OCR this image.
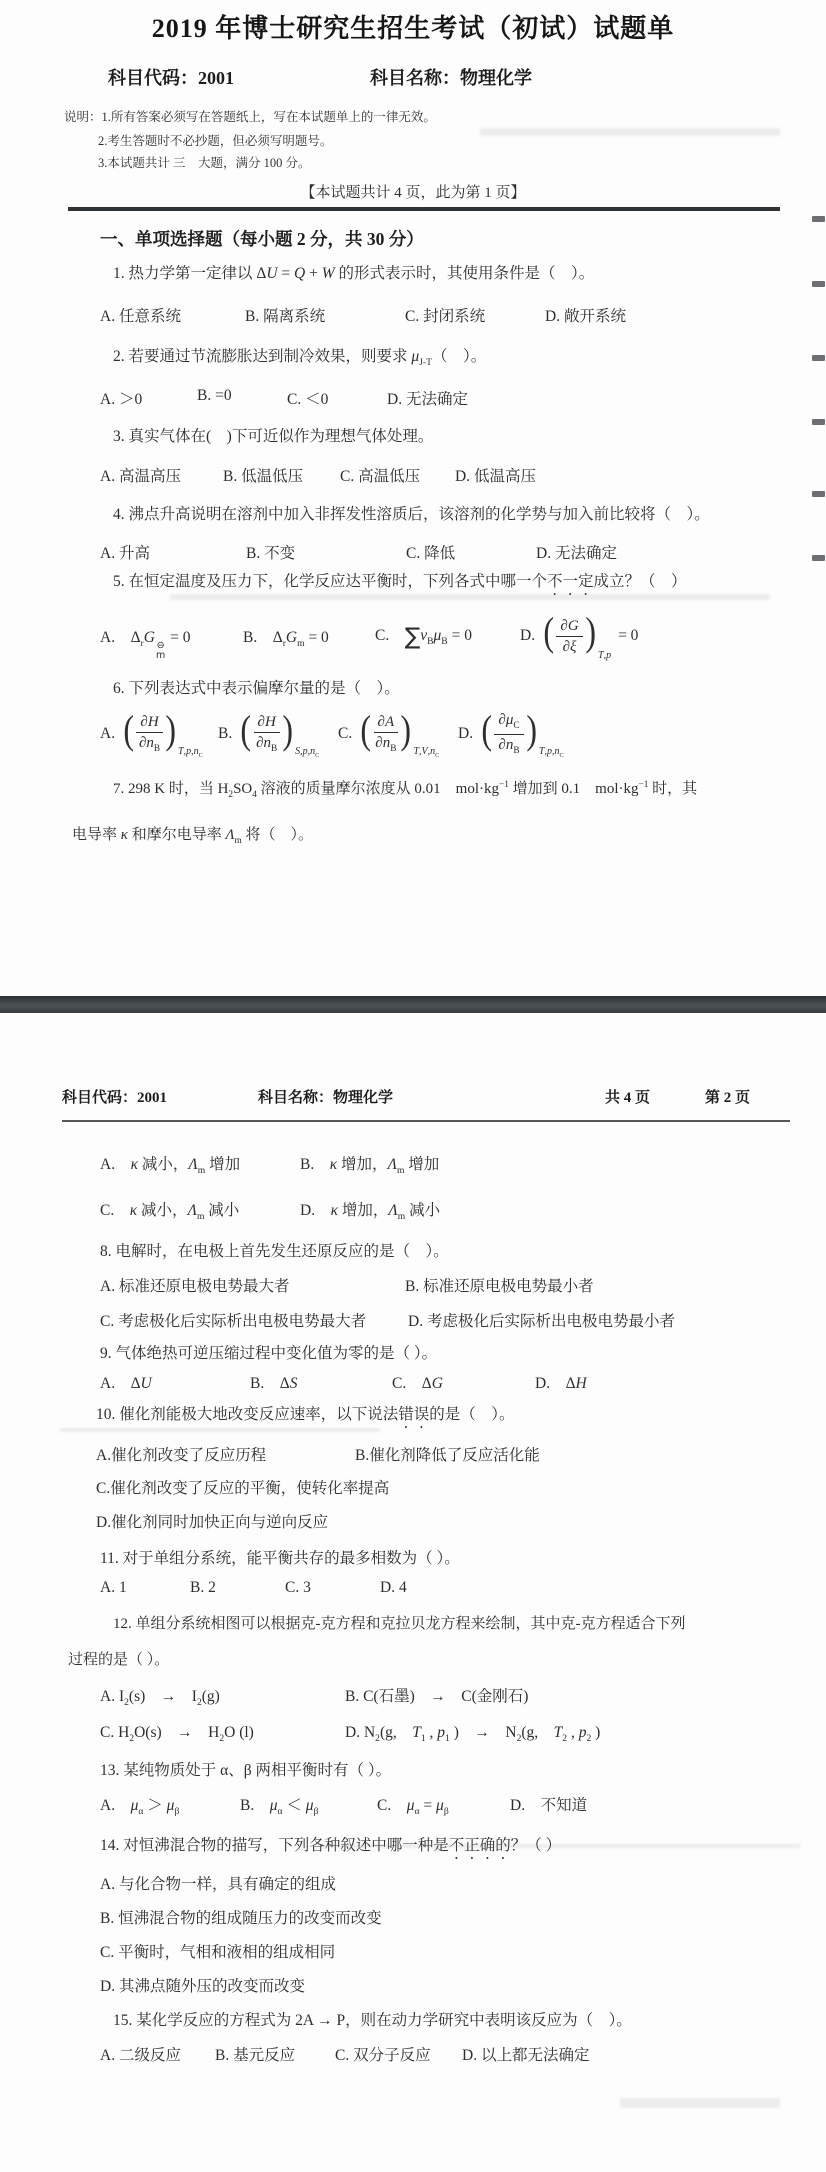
2019 年博士研究生招生考试（初试）试题单
科目代码：2001	科目名称：物理化学
说明：1.所有答案必须写在答题纸上，写在本试题单上的一律无效。
2.考生答题时不必抄题，但必须写明题号。
3.本试题共计 三　大题，满分 100 分。
【本试题共计 4 页，此为第 1 页】
一、单项选择题（每小题 2 分，共 30 分）
1. 热力学第一定律以 ΔU = Q + W 的形式表示时，其使用条件是（　）。
A. 任意系统	B. 隔离系统	C. 封闭系统	D. 敞开系统
2. 若要通过节流膨胀达到制冷效果，则要求 $\mu_{J-T}$（　）。
A. ＞0	B. =0	C. ＜0	D. 无法确定
3. 真实气体在(　)下可近似作为理想气体处理。
A. 高温高压	B. 低温低压 C. 高温低压 D. 低温高压
4. 沸点升高说明在溶剂中加入非挥发性溶质后，该溶剂的化学势与加入前比较将（　）。
A. 升高	B. 不变	C. 降低	D. 无法确定
5. 在恒定温度及压力下，化学反应达平衡时，下列各式中哪一个不一定成立？（　）
A.　$\Delta_rG$ ⊖
m
= 0	B.　$\Delta_rG_m = 0$	C.　$\sum\nu_B\mu_B = 0$	D.
( $\frac{\partial G}{\partial\xi}$
) T,p
= 0
6. 下列表达式中表示偏摩尔量的是（　）。
A.
( $\frac{\partial H}{\partial n_B}$
) $T,p,n_C$
B.
( $\frac{\partial H}{\partial n_B}$
) $S,p,n_C$
C.
( $\frac{\partial A}{\partial n_B}$
) $T,V,n_C$
D.
( $\frac{\partial\mu_C}{\partial n_B}$
) $T,p,n_C$
7. 298 K 时，当 $H_2SO_4$ 溶液的质量摩尔浓度从 0.01　$mol\cdot kg^{-1}$ 增加到 0.1　$mol\cdot kg^{-1}$ 时，其
电导率 κ 和摩尔电导率 $\Lambda_m$ 将（　）。
科目代码：2001	科目名称：物理化学	共 4 页	第 2 页
A.　κ 减小，$\Lambda_m$ 增加	B.　κ 增加，$\Lambda_m$ 增加
C.　κ 减小，$\Lambda_m$ 减小	D.　κ 增加，$\Lambda_m$ 减小
8. 电解时，在电极上首先发生还原反应的是（　）。
A. 标准还原电极电势最大者	B. 标准还原电极电势最小者
C. 考虑极化后实际析出电极电势最大者	D. 考虑极化后实际析出电极电势最小者
9. 气体绝热可逆压缩过程中变化值为零的是（ ）。
A.　ΔU	B.　ΔS	C.　ΔG	D.　ΔH
10. 催化剂能极大地改变反应速率，以下说法错误的是（　）。
A.催化剂改变了反应历程	B.催化剂降低了反应活化能
C.催化剂改变了反应的平衡，使转化率提高
D.催化剂同时加快正向与逆向反应
11. 对于单组分系统，能平衡共存的最多相数为（ ）。
A. 1	B. 2	C. 3	D. 4
12. 单组分系统相图可以根据克-克方程和克拉贝龙方程来绘制，其中克-克方程适合下列
过程的是（ ）。
A. $I_2(s)$　→　$I_2(g)$	B. C(石墨)　→　C(金刚石)
C. $H_2O(s)$　→　$H_2O$ (l)	D. $N_2(g$,　$T_1$ , $p_1$ )　→　$N_2(g$,　$T_2$ , $p_2$ )
13. 某纯物质处于 α、β 两相平衡时有（ ）。
A.　$\mu_\alpha > \mu_\beta$	B.　$\mu_\alpha < \mu_\beta$	C.　$\mu_\alpha = \mu_\beta$	D.　不知道
14. 对恒沸混合物的描写，下列各种叙述中哪一种是不正确的？（ ）
A. 与化合物一样，具有确定的组成
B. 恒沸混合物的组成随压力的改变而改变
C. 平衡时，气相和液相的组成相同
D. 其沸点随外压的改变而改变
15. 某化学反应的方程式为 2A → P，则在动力学研究中表明该反应为（　）。
A. 二级反应 B. 基元反应	C. 双分子反应 D. 以上都无法确定
